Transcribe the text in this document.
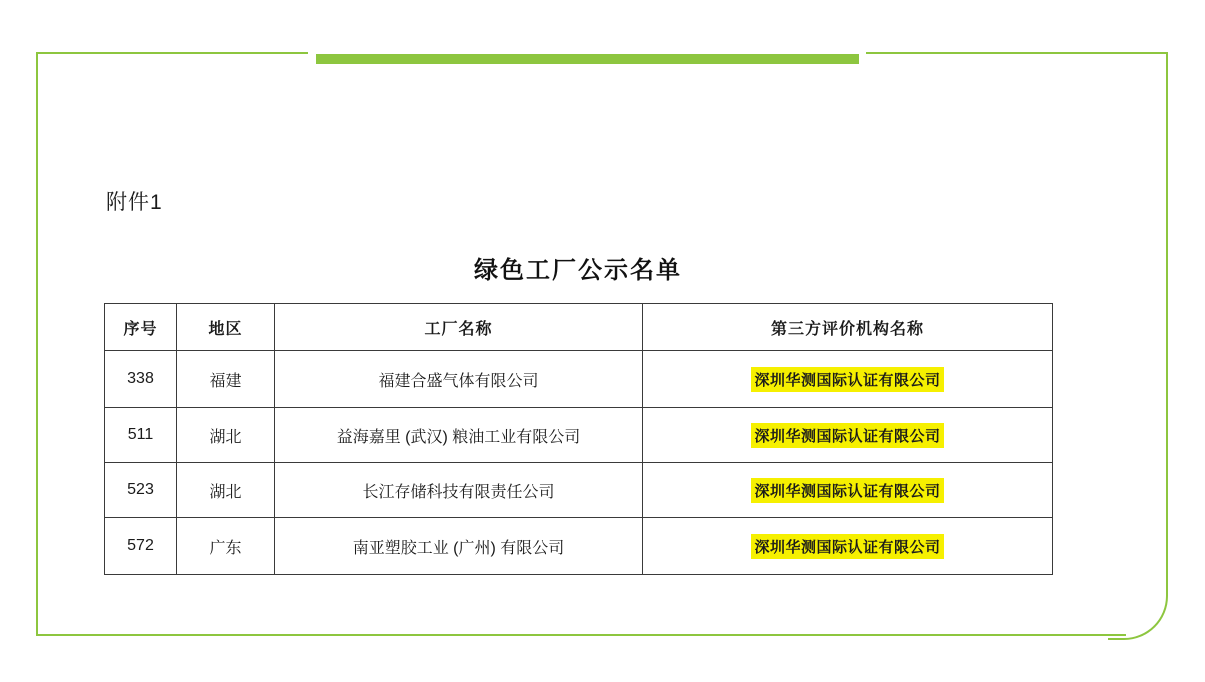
附件1
绿色工厂公示名单
序号	地区	工厂名称	第三方评价机构名称
338	福建	福建合盛气体有限公司	深圳华测国际认证有限公司
511	湖北	益海嘉里 (武汉) 粮油工业有限公司	深圳华测国际认证有限公司
523	湖北	长江存储科技有限责任公司	深圳华测国际认证有限公司
572	广东	南亚塑胶工业 (广州) 有限公司	深圳华测国际认证有限公司
